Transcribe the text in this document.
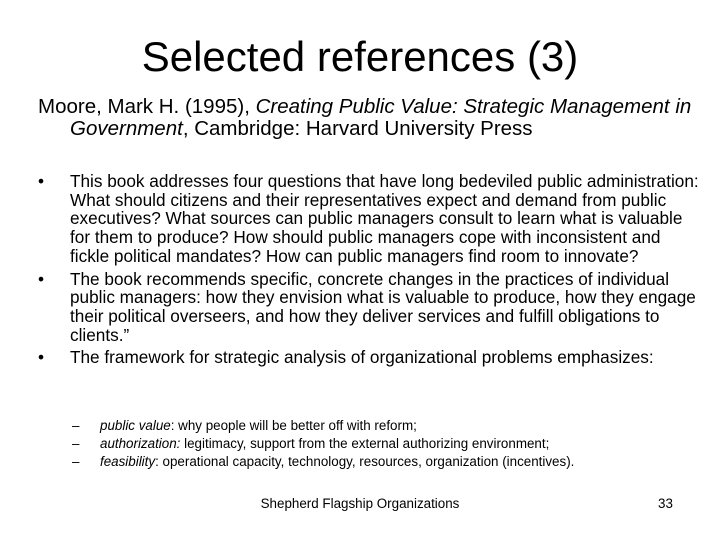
Selected references (3)
Moore, Mark H. (1995), Creating Public Value: Strategic Management in Government, Cambridge: Harvard University Press
• This book addresses four questions that have long bedeviled public administration: What should citizens and their representatives expect and demand from public executives? What sources can public managers consult to learn what is valuable for them to produce? How should public managers cope with inconsistent and fickle political mandates? How can public managers find room to innovate?
• The book recommends specific, concrete changes in the practices of individual public managers: how they envision what is valuable to produce, how they engage their political overseers, and how they deliver services and fulfill obligations to clients.”
• The framework for strategic analysis of organizational problems emphasizes:
– public value: why people will be better off with reform;
– authorization: legitimacy, support from the external authorizing environment;
– feasibility: operational capacity, technology, resources, organization (incentives).
Shepherd Flagship Organizations	33
